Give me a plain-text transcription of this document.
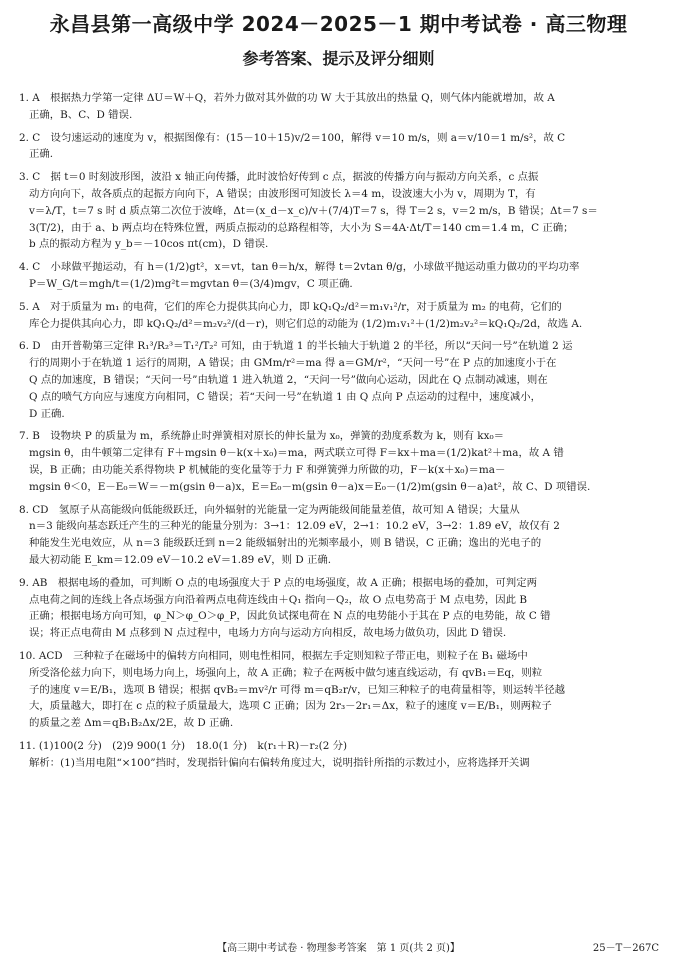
永昌县第一高级中学 2024－2025－1 期中考试卷 · 高三物理
参考答案、提示及评分细则
1. A　根据热力学第一定律 ΔU＝W＋Q，若外力做对其外做的功 W 大于其放出的热量 Q，则气体内能就增加，故 A
正确，B、C、D 错误.
2. C　设匀速运动的速度为 v，根据图像有：(15－10＋15)v/2＝100，解得 v＝10 m/s，则 a＝v/10＝1 m/s²，故 C
正确.
3. C　据 t＝0 时刻波形图，波沿 x 轴正向传播，此时波恰好传到 c 点，据波的传播方向与振动方向关系，c 点振
动方向向下，故各质点的起振方向向下，A 错误；由波形图可知波长 λ＝4 m，设波速大小为 v，周期为 T，有
v＝λ/T，t＝7 s 时 d 质点第二次位于波峰，Δt＝(x_d－x_c)/v＋(7/4)T＝7 s，得 T＝2 s，v＝2 m/s，B 错误；Δt＝7 s＝
3(T/2)，由于 a、b 两点均在特殊位置，两质点振动的总路程相等，大小为 S＝4A·Δt/T＝140 cm＝1.4 m，C 正确；
b 点的振动方程为 y_b＝－10cos πt(cm)，D 错误.
4. C　小球做平抛运动，有 h＝(1/2)gt²，x＝vt，tan θ＝h/x，解得 t＝2vtan θ/g，小球做平抛运动重力做功的平均功率
P＝W_G/t＝mgh/t＝(1/2)mg²t＝mgvtan θ＝(3/4)mgv，C 项正确.
5. A　对于质量为 m₁ 的电荷，它们的库仑力提供其向心力，即 kQ₁Q₂/d²＝m₁v₁²/r，对于质量为 m₂ 的电荷，它们的
库仑力提供其向心力，即 kQ₁Q₂/d²＝m₂v₂²/(d－r)，则它们总的动能为 (1/2)m₁v₁²＋(1/2)m₂v₂²＝kQ₁Q₂/2d，故选 A.
6. D　由开普勒第三定律 R₁³/R₂³＝T₁²/T₂² 可知，由于轨道 1 的半长轴大于轨道 2 的半径，所以“天问一号”在轨道 2 运
行的周期小于在轨道 1 运行的周期，A 错误；由 GMm/r²＝ma 得 a＝GM/r²，“天问一号”在 P 点的加速度小于在
Q 点的加速度，B 错误；“天问一号”由轨道 1 进入轨道 2，“天问一号”做向心运动，因此在 Q 点制动减速，则在
Q 点的喷气方向应与速度方向相同，C 错误；若“天问一号”在轨道 1 由 Q 点向 P 点运动的过程中，速度减小，
D 正确.
7. B　设物块 P 的质量为 m，系统静止时弹簧相对原长的伸长量为 x₀，弹簧的劲度系数为 k，则有 kx₀＝
mgsin θ，由牛顿第二定律有 F＋mgsin θ－k(x＋x₀)＝ma，两式联立可得 F＝kx＋ma＝(1/2)kat²＋ma，故 A 错
误，B 正确；由功能关系得物块 P 机械能的变化量等于力 F 和弹簧弹力所做的功，F－k(x＋x₀)＝ma－
mgsin θ＜0，E－E₀＝W＝－m(gsin θ－a)x，E＝E₀－m(gsin θ－a)x＝E₀－(1/2)m(gsin θ－a)at²，故 C、D 项错误.
8. CD　氢原子从高能级向低能级跃迁，向外辐射的光能量一定为两能级间能量差值，故可知 A 错误；大量从
n＝3 能级向基态跃迁产生的三种光的能量分别为：3→1：12.09 eV，2→1：10.2 eV，3→2：1.89 eV，故仅有 2
种能发生光电效应，从 n＝3 能级跃迁到 n＝2 能级辐射出的光频率最小，则 B 错误，C 正确；逸出的光电子的
最大初动能 E_km＝12.09 eV－10.2 eV＝1.89 eV，则 D 正确.
9. AB　根据电场的叠加，可判断 O 点的电场强度大于 P 点的电场强度，故 A 正确；根据电场的叠加，可判定两
点电荷之间的连线上各点场强方向沿着两点电荷连线由＋Q₁ 指向－Q₂，故 O 点电势高于 M 点电势，因此 B
正确；根据电场方向可知，φ_N＞φ_O＞φ_P，因此负试探电荷在 N 点的电势能小于其在 P 点的电势能，故 C 错
误；将正点电荷由 M 点移到 N 点过程中，电场力方向与运动方向相反，故电场力做负功，因此 D 错误.
10. ACD　三种粒子在磁场中的偏转方向相同，则电性相同，根据左手定则知粒子带正电，则粒子在 B₁ 磁场中
所受洛伦兹力向下，则电场力向上，场强向上，故 A 正确；粒子在两板中做匀速直线运动，有 qvB₁＝Eq，则粒
子的速度 v＝E/B₁，选项 B 错误；根据 qvB₂＝mv²/r 可得 m＝qB₂r/v，已知三种粒子的电荷量相等，则运转半径越
大，质量越大，即打在 c 点的粒子质量最大，选项 C 正确；因为 2r₃－2r₁＝Δx，粒子的速度 v＝E/B₁，则两粒子
的质量之差 Δm＝qB₁B₂Δx/2E，故 D 正确.
11. (1)100(2 分)　(2)9 900(1 分)　18.0(1 分)　k(r₁＋R)－r₂(2 分)
解析：(1)当用电阻“×100”挡时，发现指针偏向右偏转角度过大，说明指针所指的示数过小，应将选择开关调
【高三期中考试卷 · 物理参考答案　第 1 页(共 2 页)】	25－T－267C
